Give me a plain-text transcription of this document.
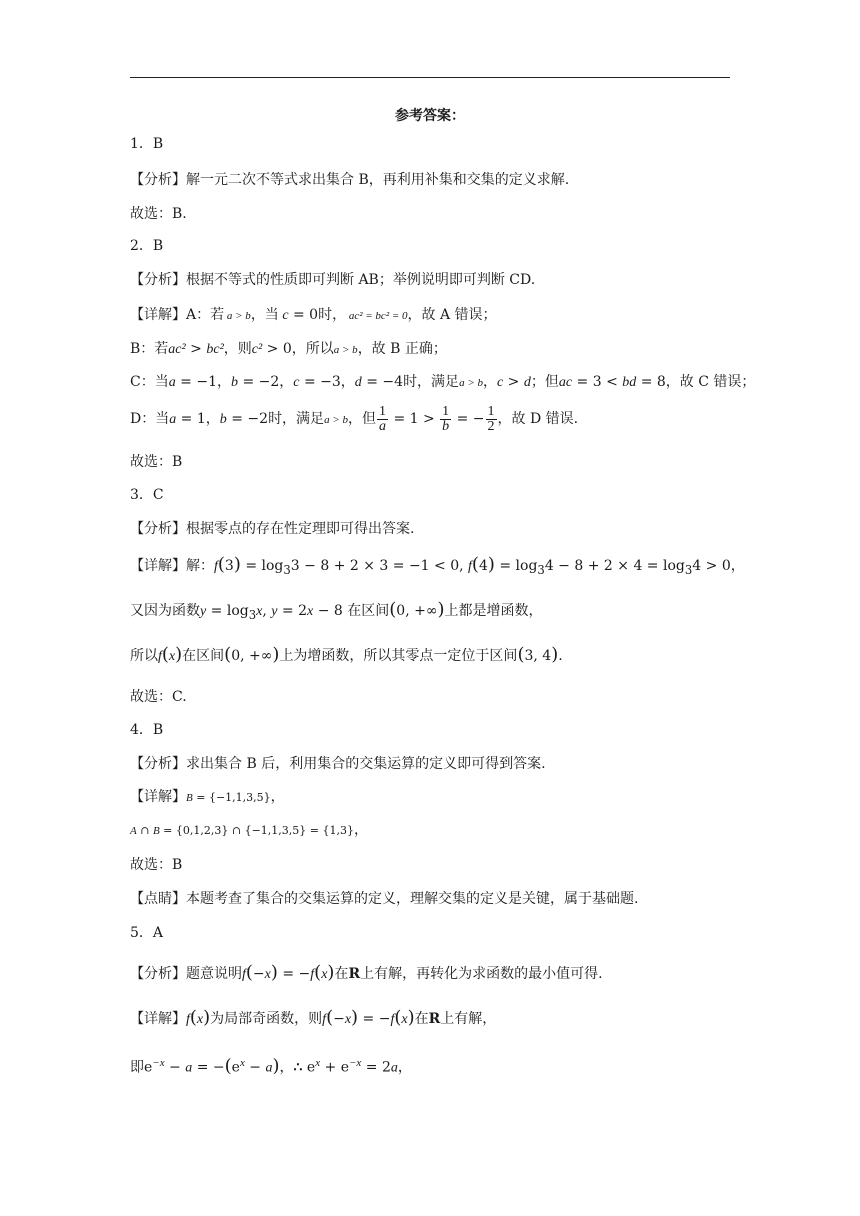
参考答案：
1．B
【分析】解一元二次不等式求出集合 B，再利用补集和交集的定义求解.
故选：B.
2．B
【分析】根据不等式的性质即可判断 AB；举例说明即可判断 CD.
【详解】A：若 a > b，当 c = 0时， ac² = bc² = 0，故 A 错误；
B：若ac² > bc²，则c² > 0，所以a > b，故 B 正确；
C：当a = −1，b = −2，c = −3，d = −4时，满足a > b，c > d；但ac = 3 < bd = 8，故 C 错误；
D：当a = 1，b = −2时，满足a > b，但 $\frac{1}{a} = 1 > \frac{1}{b}$ = − $\frac{1}{2}$ ，故 D 错误.
故选：B
3．C
【分析】根据零点的存在性定理即可得出答案.
【详解】解：$f(3) = \log_33 - 8 + 2 \times 3 = -1 < 0$, $f(4) = \log_34 - 8 + 2 \times 4 = \log_34 > 0$，
又因为函数$y = \log_3x$, y = 2x − 8 在区间(0, +∞)上都是增函数，
所以f(x)在区间(0, +∞)上为增函数，所以其零点一定位于区间(3, 4).
故选：C.
4．B
【分析】求出集合 B 后，利用集合的交集运算的定义即可得到答案.
【详解】B = {−1,1,3,5}，
A ∩ B = {0,1,2,3} ∩ {−1,1,3,5} = {1,3}，
故选：B
【点睛】本题考查了集合的交集运算的定义，理解交集的定义是关键，属于基础题.
5．A
【分析】题意说明f(−x) = −f(x)在R上有解，再转化为求函数的最小值可得.
【详解】f(x)为局部奇函数，则f(−x) = −f(x)在R上有解，
即$e^{-x} - a = -(e^x - a)$，∴ $e^x + e^{-x} = 2a$，
